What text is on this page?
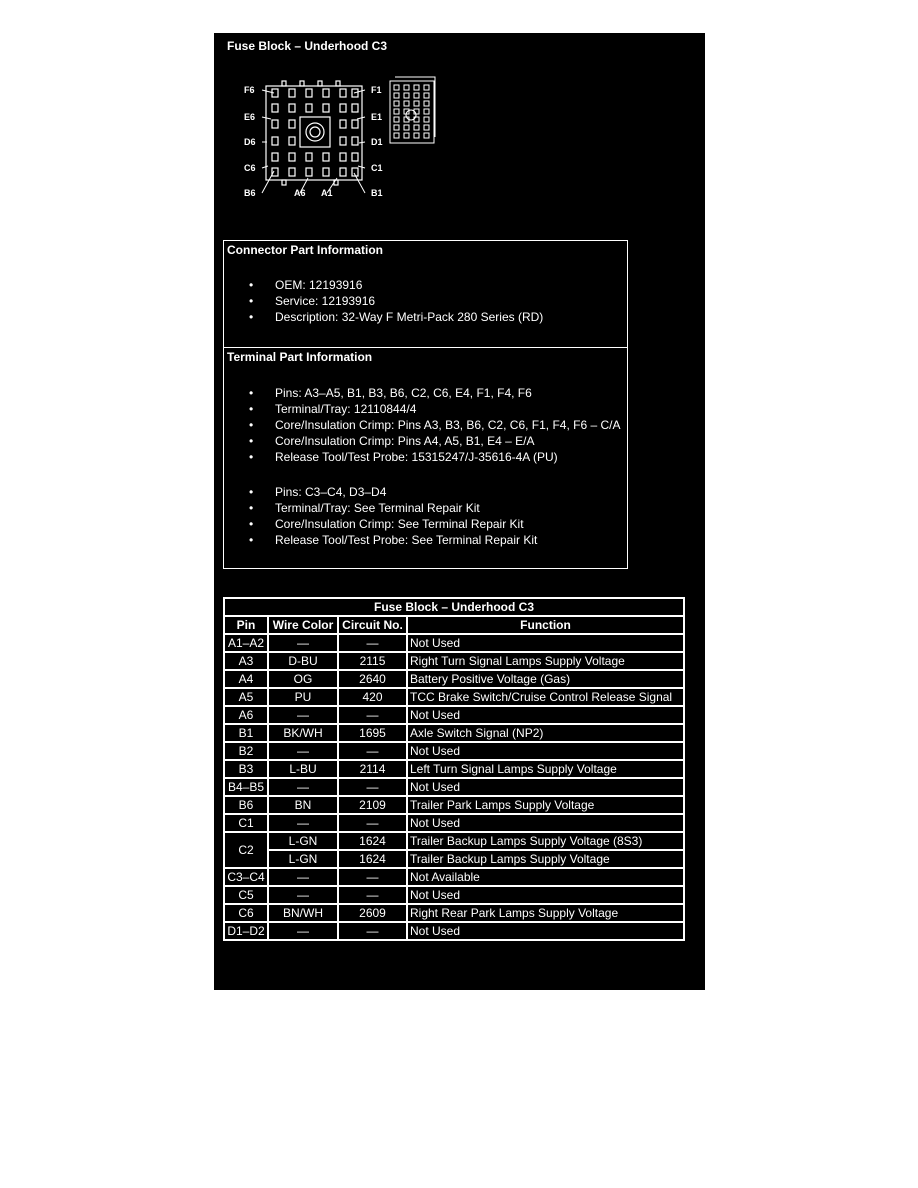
Fuse Block – Underhood C3
F6
E6
D6
C6
B6
F1
E1
D1
C1
B1
A6 A1
Connector Part Information
• OEM: 12193916
• Service: 12193916
• Description: 32-Way F Metri-Pack 280 Series (RD)
Terminal Part Information
• Pins: A3–A5, B1, B3, B6, C2, C6, E4, F1, F4, F6
• Terminal/Tray: 12110844/4
• Core/Insulation Crimp: Pins A3, B3, B6, C2, C6, F1, F4, F6 – C/A
• Core/Insulation Crimp: Pins A4, A5, B1, E4 – E/A
• Release Tool/Test Probe: 15315247/J-35616-4A (PU)
• Pins: C3–C4, D3–D4
• Terminal/Tray: See Terminal Repair Kit
• Core/Insulation Crimp: See Terminal Repair Kit
• Release Tool/Test Probe: See Terminal Repair Kit
Fuse Block – Underhood C3			
Pin	Wire Color	Circuit No.	Function
A1–A2	—	—	Not Used
A3	D-BU	2115	Right Turn Signal Lamps Supply Voltage
A4	OG	2640	Battery Positive Voltage (Gas)
A5	PU	420	TCC Brake Switch/Cruise Control Release Signal
A6	—	—	Not Used
B1	BK/WH	1695	Axle Switch Signal (NP2)
B2	—	—	Not Used
B3	L-BU	2114	Left Turn Signal Lamps Supply Voltage
B4–B5	—	—	Not Used
B6	BN	2109	Trailer Park Lamps Supply Voltage
C1	—	—	Not Used
C2	L-GN	1624	Trailer Backup Lamps Supply Voltage (8S3)
	L-GN	1624	Trailer Backup Lamps Supply Voltage
C3–C4	—	—	Not Available
C5	—	—	Not Used
C6	BN/WH	2609	Right Rear Park Lamps Supply Voltage
D1–D2	—	—	Not Used
